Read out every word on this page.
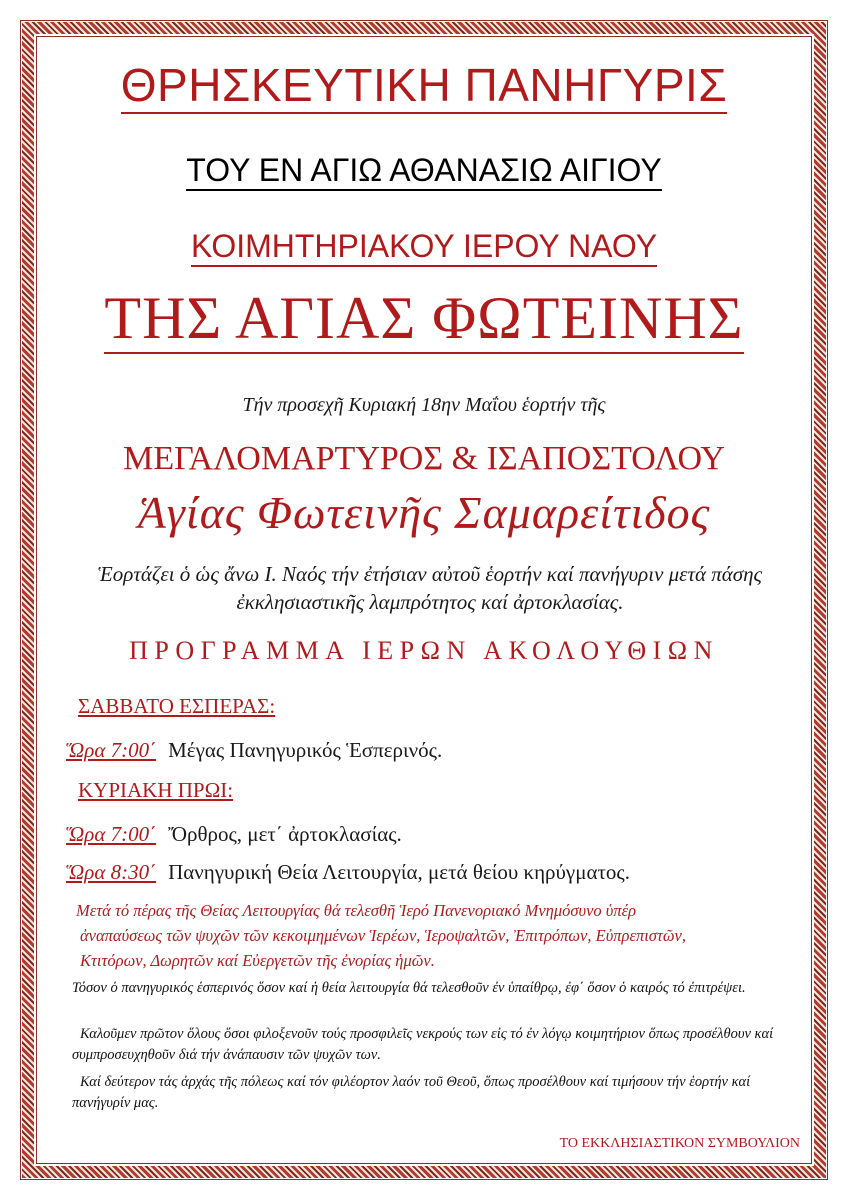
ΘΡΗΣΚΕΥΤΙΚΗ ΠΑΝΗΓΥΡΙΣ
ΤΟΥ ΕΝ ΑΓΙΩ ΑΘΑΝΑΣΙΩ ΑΙΓΙΟΥ
ΚΟΙΜΗΤΗΡΙΑΚΟΥ ΙΕΡΟΥ ΝΑΟΥ
ΤΗΣ ΑΓΙΑΣ ΦΩΤΕΙΝΗΣ
Τήν προσεχῆ Κυριακή 18ην Μαΐου ἑορτήν τῆς
ΜΕΓΑΛΟΜΑΡΤΥΡΟΣ & ΙΣΑΠΟΣΤΟΛΟΥ
Ἁγίας Φωτεινῆς Σαμαρείτιδος
Ἑορτάζει ὁ ὡς ἄνω Ι. Ναός τήν ἐτήσιαν αὐτοῦ ἑορτήν καί πανήγυριν μετά πάσης ἐκκλησιαστικῆς λαμπρότητος καί ἀρτοκλασίας.
ΠΡΟΓΡΑΜΜΑ ΙΕΡΩΝ ΑΚΟΛΟΥΘΙΩΝ
ΣΑΒΒΑΤΟ ΕΣΠΕΡΑΣ:
Ὥρα 7:00΄ Μέγας Πανηγυρικός Ἑσπερινός.
ΚΥΡΙΑΚΗ ΠΡΩΙ:
Ὥρα 7:00΄ Ὄρθρος, μετ΄ ἀρτοκλασίας.
Ὥρα 8:30΄ Πανηγυρική Θεία Λειτουργία, μετά θείου κηρύγματος.
Μετά τό πέρας τῆς Θείας Λειτουργίας θά τελεσθῆ Ἱερό Πανενοριακό Μνημόσυνο ὑπέρ
ἀναπαύσεως τῶν ψυχῶν τῶν κεκοιμημένων Ἱερέων, Ἱεροψαλτῶν, Ἐπιτρόπων, Εὐπρεπιστῶν,
Κτιτόρων, Δωρητῶν καί Εὐεργετῶν τῆς ἐνορίας ἡμῶν.
Τόσον ὁ πανηγυρικός ἑσπερινός ὅσον καί ἡ θεία λειτουργία θά τελεσθοῦν ἐν ὑπαίθρῳ, ἐφ΄ ὅσον ὁ καιρός τό ἐπιτρέψει.
Καλοῦμεν πρῶτον ὅλους ὅσοι φιλοξενοῦν τούς προσφιλεῖς νεκρούς των εἰς τό ἐν λόγῳ κοιμητήριον ὅπως προσέλθουν καί συμπροσευχηθοῦν διά τήν ἀνάπαυσιν τῶν ψυχῶν των.
Καί δεύτερον τάς ἀρχάς τῆς πόλεως καί τόν φιλέορτον λαόν τοῦ Θεοῦ, ὅπως προσέλθουν καί τιμήσουν τήν ἑορτήν καί πανήγυρίν μας.
ΤΟ ΕΚΚΛΗΣΙΑΣΤΙΚΟΝ ΣΥΜΒΟΥΛΙΟΝ
